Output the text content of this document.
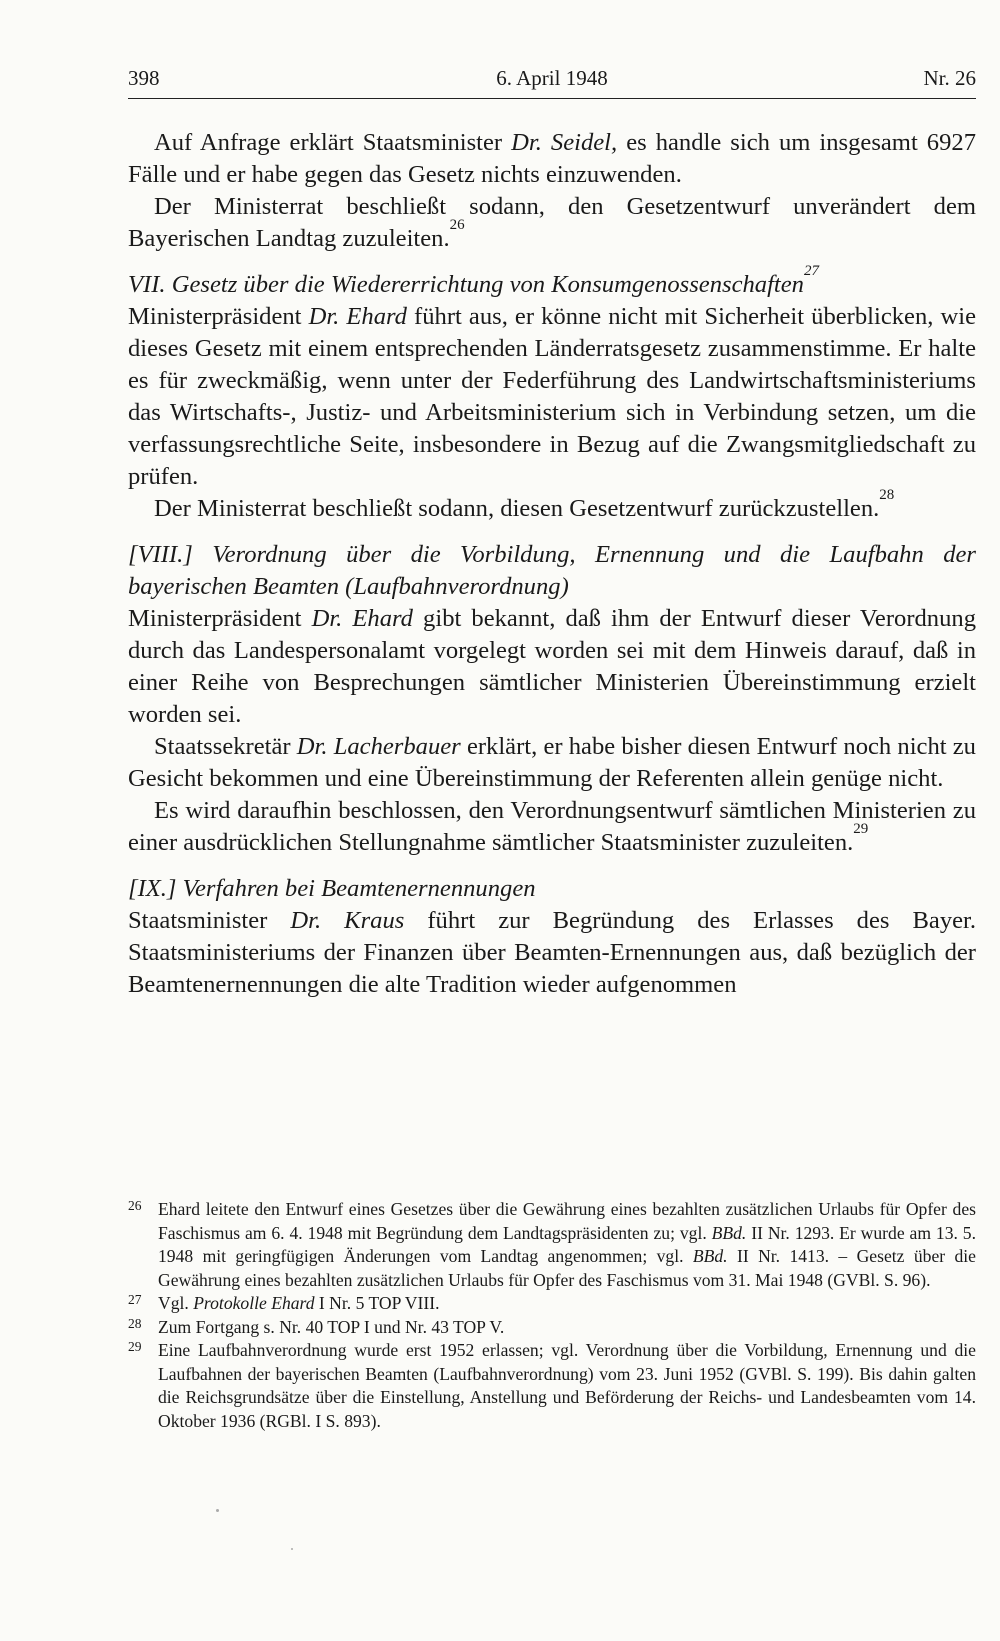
398	6. April 1948	Nr. 26

Auf Anfrage erklärt Staatsminister Dr. Seidel, es handle sich um insgesamt 6927 Fälle und er habe gegen das Gesetz nichts einzuwenden.

Der Ministerrat beschließt sodann, den Gesetzentwurf unverändert dem Bayerischen Landtag zuzuleiten.$^{26}$

VII. Gesetz über die Wiedererrichtung von Konsumgenossenschaften$^{27}$

Ministerpräsident Dr. Ehard führt aus, er könne nicht mit Sicherheit überblicken, wie dieses Gesetz mit einem entsprechenden Länderratsgesetz zusammenstimme. Er halte es für zweckmäßig, wenn unter der Federführung des Landwirtschaftsministeriums das Wirtschafts-, Justiz- und Arbeitsministerium sich in Verbindung setzen, um die verfassungsrechtliche Seite, insbesondere in Bezug auf die Zwangsmitgliedschaft zu prüfen.

Der Ministerrat beschließt sodann, diesen Gesetzentwurf zurückzustellen.$^{28}$

[VIII.] Verordnung über die Vorbildung, Ernennung und die Laufbahn der bayerischen Beamten (Laufbahnverordnung)

Ministerpräsident Dr. Ehard gibt bekannt, daß ihm der Entwurf dieser Verordnung durch das Landespersonalamt vorgelegt worden sei mit dem Hinweis darauf, daß in einer Reihe von Besprechungen sämtlicher Ministerien Übereinstimmung erzielt worden sei.

Staatssekretär Dr. Lacherbauer erklärt, er habe bisher diesen Entwurf noch nicht zu Gesicht bekommen und eine Übereinstimmung der Referenten allein genüge nicht.

Es wird daraufhin beschlossen, den Verordnungsentwurf sämtlichen Ministerien zu einer ausdrücklichen Stellungnahme sämtlicher Staatsminister zuzuleiten.$^{29}$

[IX.] Verfahren bei Beamtenernennungen

Staatsminister Dr. Kraus führt zur Begründung des Erlasses des Bayer. Staatsministeriums der Finanzen über Beamten-Ernennungen aus, daß bezüglich der Beamtenernennungen die alte Tradition wieder aufgenommen

26 Ehard leitete den Entwurf eines Gesetzes über die Gewährung eines bezahlten zusätzlichen Urlaubs für Opfer des Faschismus am 6. 4. 1948 mit Begründung dem Landtagspräsidenten zu; vgl. BBd. II Nr. 1293. Er wurde am 13. 5. 1948 mit geringfügigen Änderungen vom Landtag angenommen; vgl. BBd. II Nr. 1413. – Gesetz über die Gewährung eines bezahlten zusätzlichen Urlaubs für Opfer des Faschismus vom 31. Mai 1948 (GVBl. S. 96).

27 Vgl. Protokolle Ehard I Nr. 5 TOP VIII.

28 Zum Fortgang s. Nr. 40 TOP I und Nr. 43 TOP V.

29 Eine Laufbahnverordnung wurde erst 1952 erlassen; vgl. Verordnung über die Vorbildung, Ernennung und die Laufbahnen der bayerischen Beamten (Laufbahnverordnung) vom 23. Juni 1952 (GVBl. S. 199). Bis dahin galten die Reichsgrundsätze über die Einstellung, Anstellung und Beförderung der Reichs- und Landesbeamten vom 14. Oktober 1936 (RGBl. I S. 893).
